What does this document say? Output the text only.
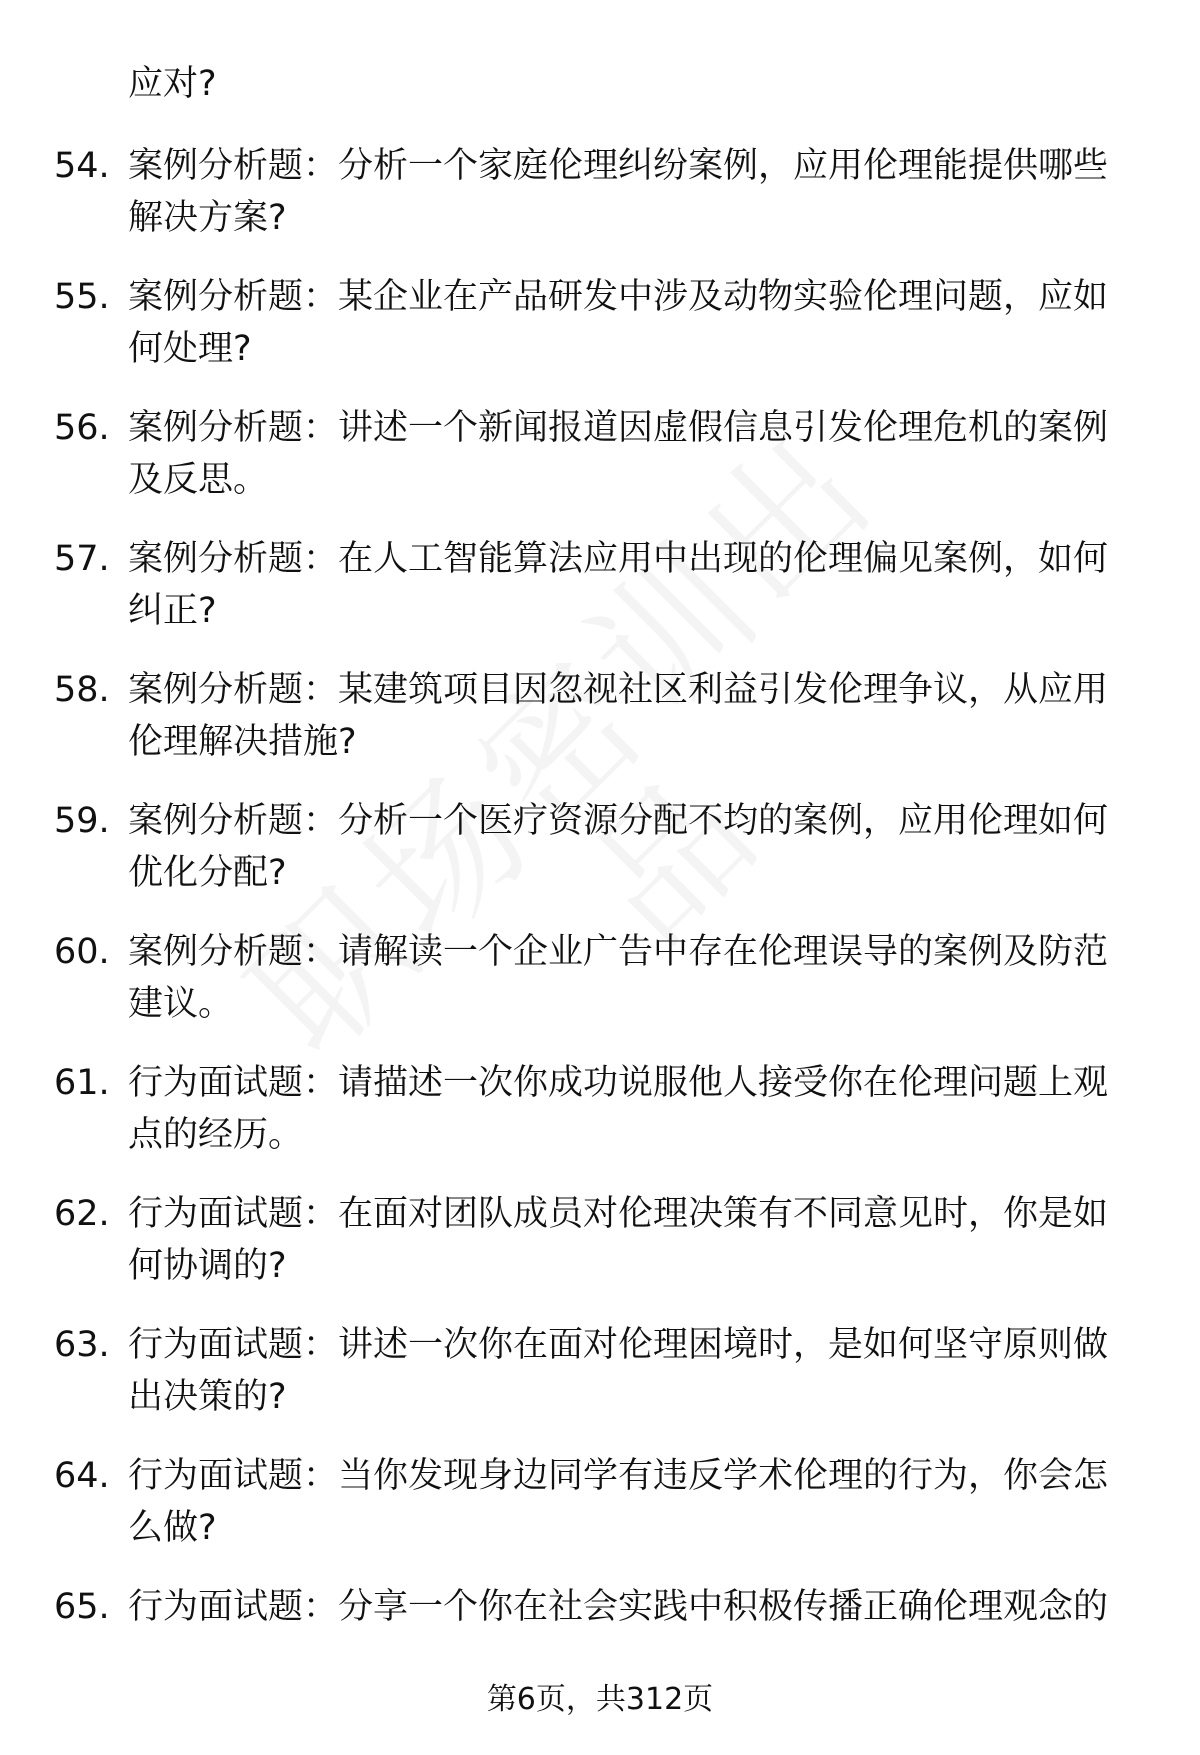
应对?
54. 案例分析题：分析一个家庭伦理纠纷案例，应用伦理能提供哪些解决方案?
55. 案例分析题：某企业在产品研发中涉及动物实验伦理问题，应如何处理?
56. 案例分析题：讲述一个新闻报道因虚假信息引发伦理危机的案例及反思。
57. 案例分析题：在人工智能算法应用中出现的伦理偏见案例，如何纠正?
58. 案例分析题：某建筑项目因忽视社区利益引发伦理争议，从应用伦理解决措施?
59. 案例分析题：分析一个医疗资源分配不均的案例，应用伦理如何优化分配?
60. 案例分析题：请解读一个企业广告中存在伦理误导的案例及防范建议。
61. 行为面试题：请描述一次你成功说服他人接受你在伦理问题上观点的经历。
62. 行为面试题：在面对团队成员对伦理决策有不同意见时，你是如何协调的?
63. 行为面试题：讲述一次你在面对伦理困境时，是如何坚守原则做出决策的?
64. 行为面试题：当你发现身边同学有违反学术伦理的行为，你会怎么做?
65. 行为面试题：分享一个你在社会实践中积极传播正确伦理观念的
第6页，共312页
